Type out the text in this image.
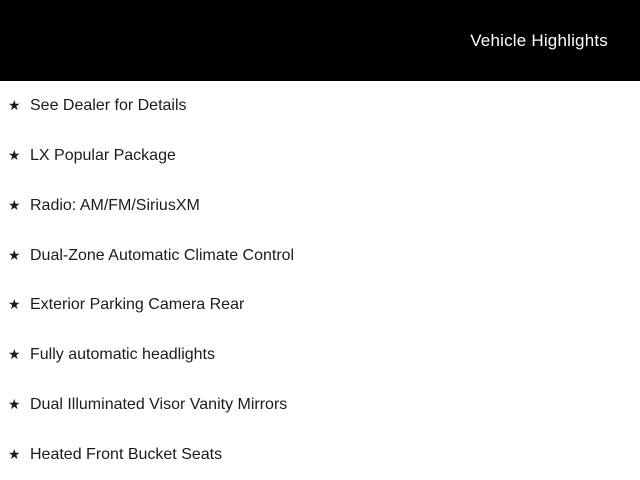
Vehicle Highlights
★ See Dealer for Details
★ LX Popular Package
★ Radio: AM/FM/SiriusXM
★ Dual-Zone Automatic Climate Control
★ Exterior Parking Camera Rear
★ Fully automatic headlights
★ Dual Illuminated Visor Vanity Mirrors
★ Heated Front Bucket Seats
